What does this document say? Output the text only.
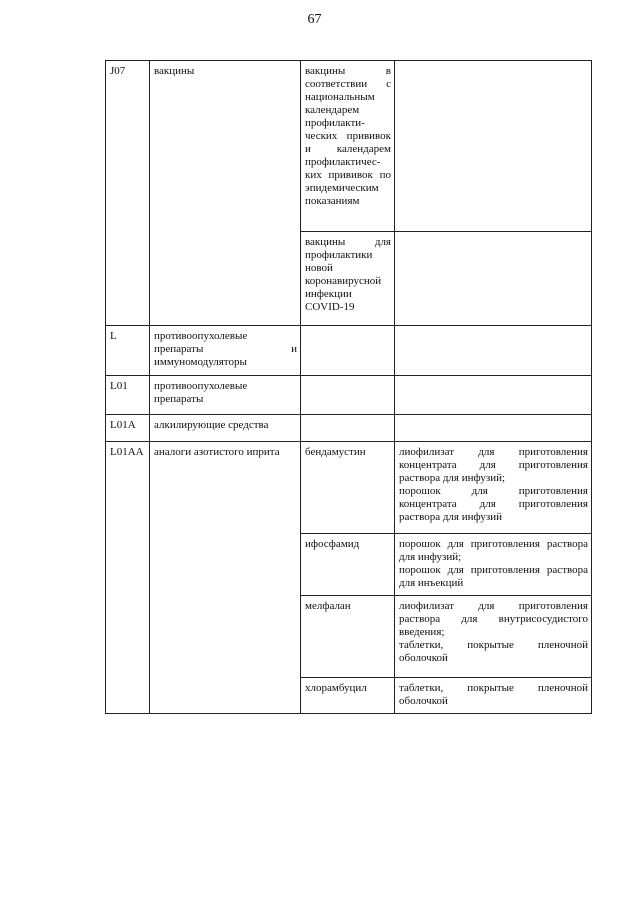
67
J07	вакцины	вакцины в соответствии с национальным календарем профилакти-ческих прививок и календарем профилактичес-ких прививок по эпидемическим показаниям	
		вакцины для профилактики новой коронавирусной инфекции COVID-19	
L	противоопухолевые препараты и иммуномодуляторы		
L01	противоопухолевые препараты		
L01A	алкилирующие средства		
L01AA	аналоги азотистого иприта	бендамустин	лиофилизат для приготовления концентрата для приготовления раствора для инфузий;
порошок для приготовления концентрата для приготовления раствора для инфузий

		ифосфамид	порошок для приготовления раствора для инфузий;
порошок для приготовления раствора для инъекций

		мелфалан	лиофилизат для приготовления раствора для внутрисосудистого введения;
таблетки, покрытые пленочной оболочкой

		хлорамбуцил	таблетки, покрытые пленочной оболочкой
